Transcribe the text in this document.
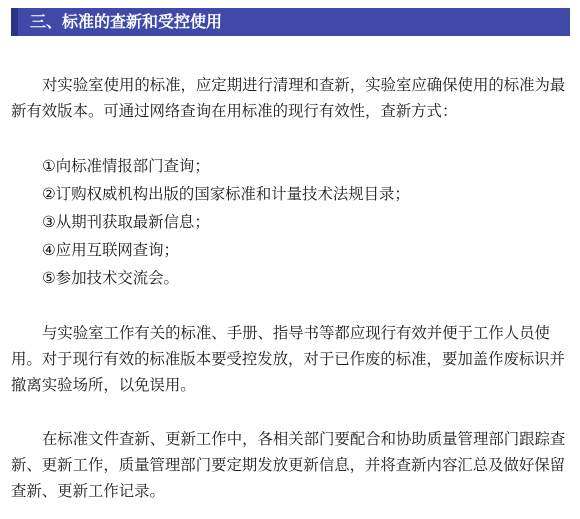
三、标准的查新和受控使用

对实验室使用的标准，应定期进行清理和查新，实验室应确保使用的标准为最新有效版本。可通过网络查询在用标准的现行有效性，查新方式：

①向标准情报部门查询；
②订购权威机构出版的国家标准和计量技术法规目录；
③从期刊获取最新信息；
④应用互联网查询；
⑤参加技术交流会。

与实验室工作有关的标准、手册、指导书等都应现行有效并便于工作人员使用。对于现行有效的标准版本要受控发放，对于已作废的标准，要加盖作废标识并撤离实验场所，以免误用。

在标准文件查新、更新工作中，各相关部门要配合和协助质量管理部门跟踪查新、更新工作，质量管理部门要定期发放更新信息，并将查新内容汇总及做好保留查新、更新工作记录。
